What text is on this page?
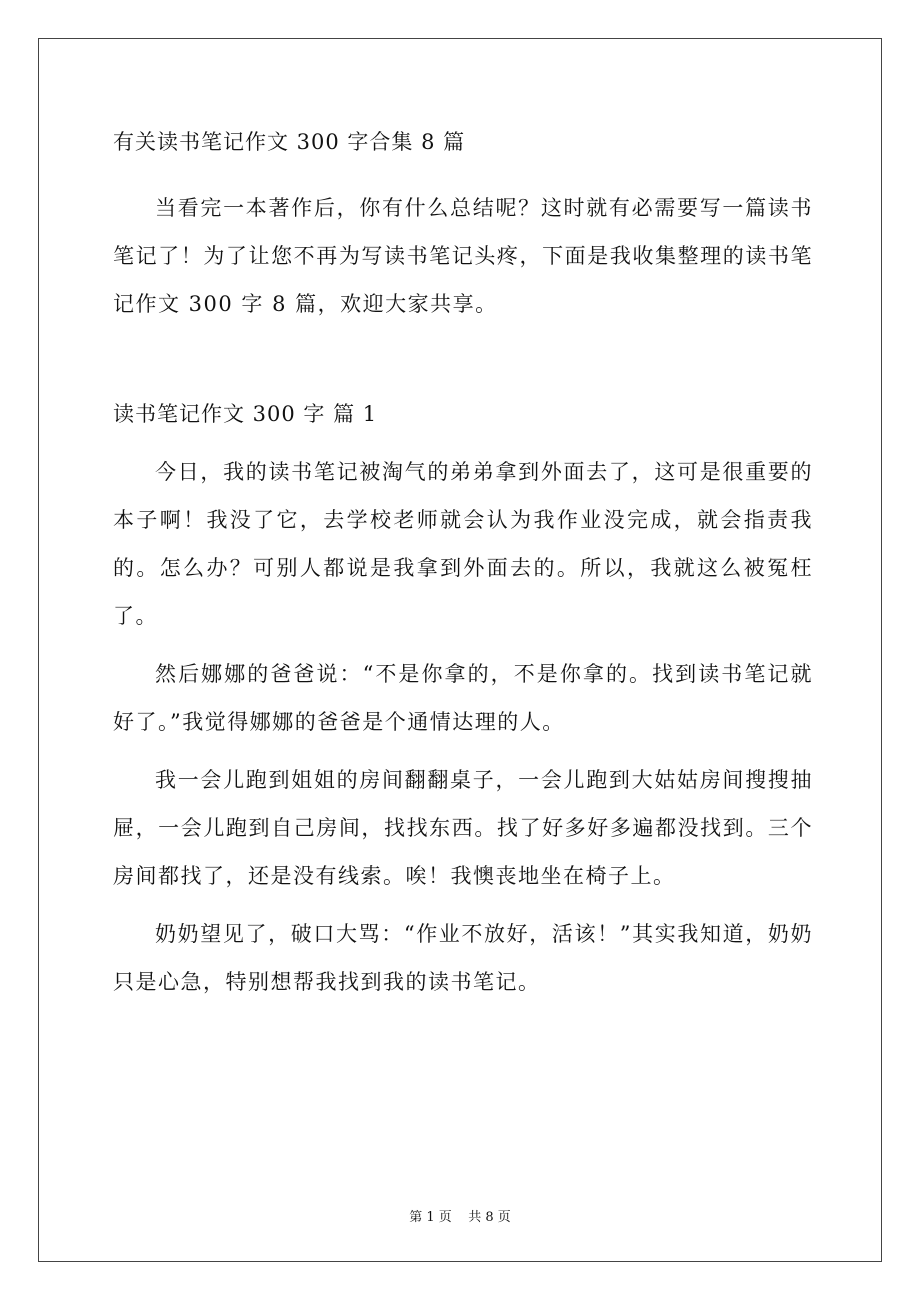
有关读书笔记作文 300 字合集 8 篇

当看完一本著作后，你有什么总结呢？这时就有必需要写一篇读书笔记了！为了让您不再为写读书笔记头疼，下面是我收集整理的读书笔记作文 300 字 8 篇，欢迎大家共享。

读书笔记作文 300 字 篇 1

今日，我的读书笔记被淘气的弟弟拿到外面去了，这可是很重要的本子啊！我没了它，去学校老师就会认为我作业没完成，就会指责我的。怎么办？可别人都说是我拿到外面去的。所以，我就这么被冤枉了。

然后娜娜的爸爸说：“不是你拿的，不是你拿的。找到读书笔记就好了。”我觉得娜娜的爸爸是个通情达理的人。

我一会儿跑到姐姐的房间翻翻桌子，一会儿跑到大姑姑房间搜搜抽屉，一会儿跑到自己房间，找找东西。找了好多好多遍都没找到。三个房间都找了，还是没有线索。唉！我懊丧地坐在椅子上。

奶奶望见了，破口大骂：“作业不放好，活该！”其实我知道，奶奶只是心急，特别想帮我找到我的读书笔记。

第 1 页    共 8 页
